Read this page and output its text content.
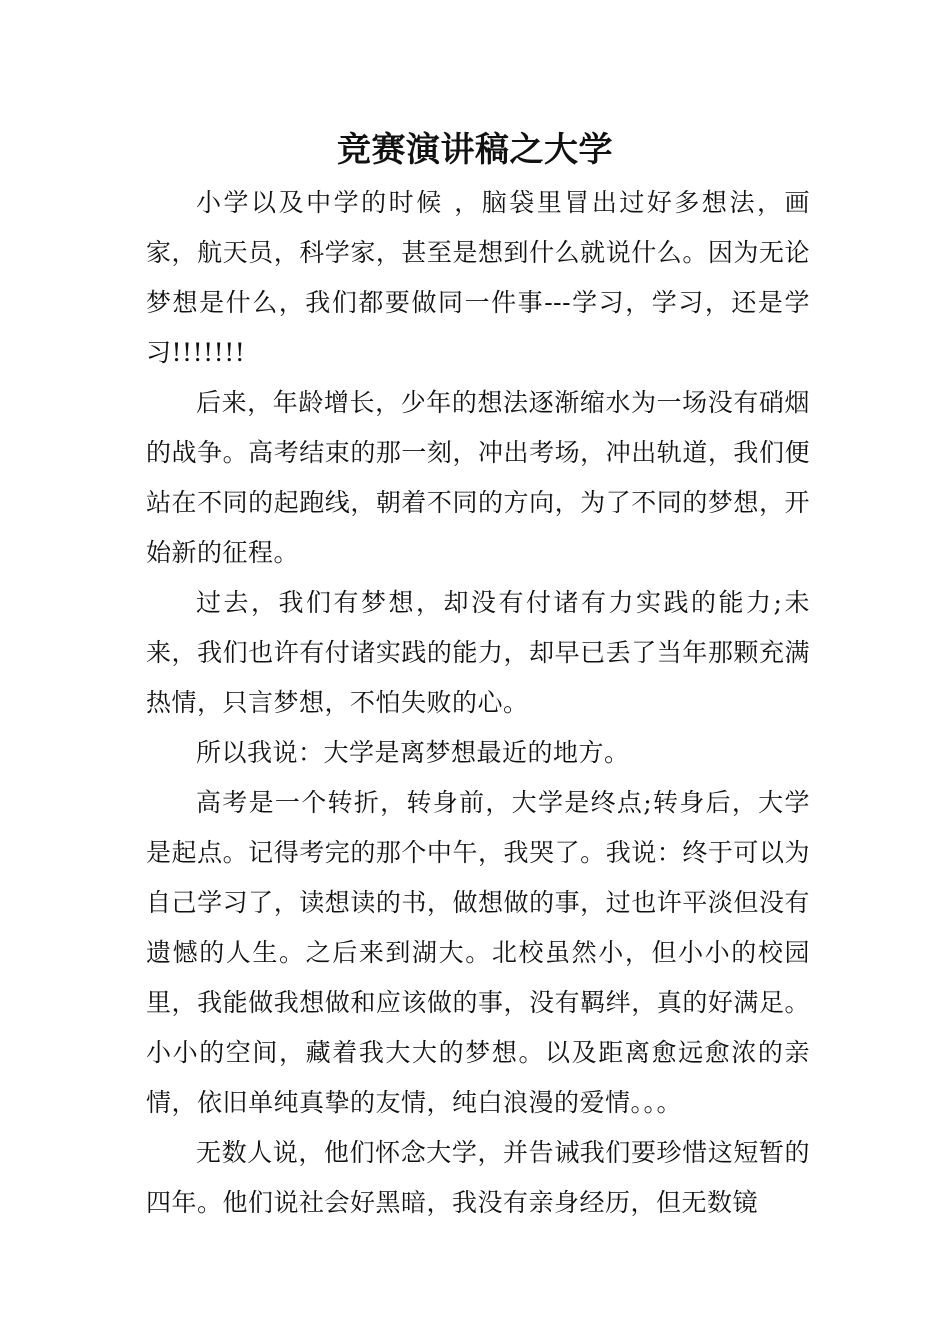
竞赛演讲稿之大学

小学以及中学的时候 ，脑袋里冒出过好多想法，画家，航天员，科学家，甚至是想到什么就说什么。因为无论梦想是什么，我们都要做同一件事---学习，学习，还是学习!!!!!!!

后来，年龄增长，少年的想法逐渐缩水为一场没有硝烟的战争。高考结束的那一刻，冲出考场，冲出轨道，我们便站在不同的起跑线，朝着不同的方向，为了不同的梦想，开始新的征程。

过去，我们有梦想，却没有付诸有力实践的能力;未来，我们也许有付诸实践的能力，却早已丢了当年那颗充满热情，只言梦想，不怕失败的心。

所以我说：大学是离梦想最近的地方。

高考是一个转折，转身前，大学是终点;转身后，大学是起点。记得考完的那个中午，我哭了。我说：终于可以为自己学习了，读想读的书，做想做的事，过也许平淡但没有遗憾的人生。之后来到湖大。北校虽然小，但小小的校园里，我能做我想做和应该做的事，没有羁绊，真的好满足。小小的空间，藏着我大大的梦想。以及距离愈远愈浓的亲情，依旧单纯真挚的友情，纯白浪漫的爱情。。。

无数人说，他们怀念大学，并告诫我们要珍惜这短暂的四年。他们说社会好黑暗，我没有亲身经历，但无数镜
